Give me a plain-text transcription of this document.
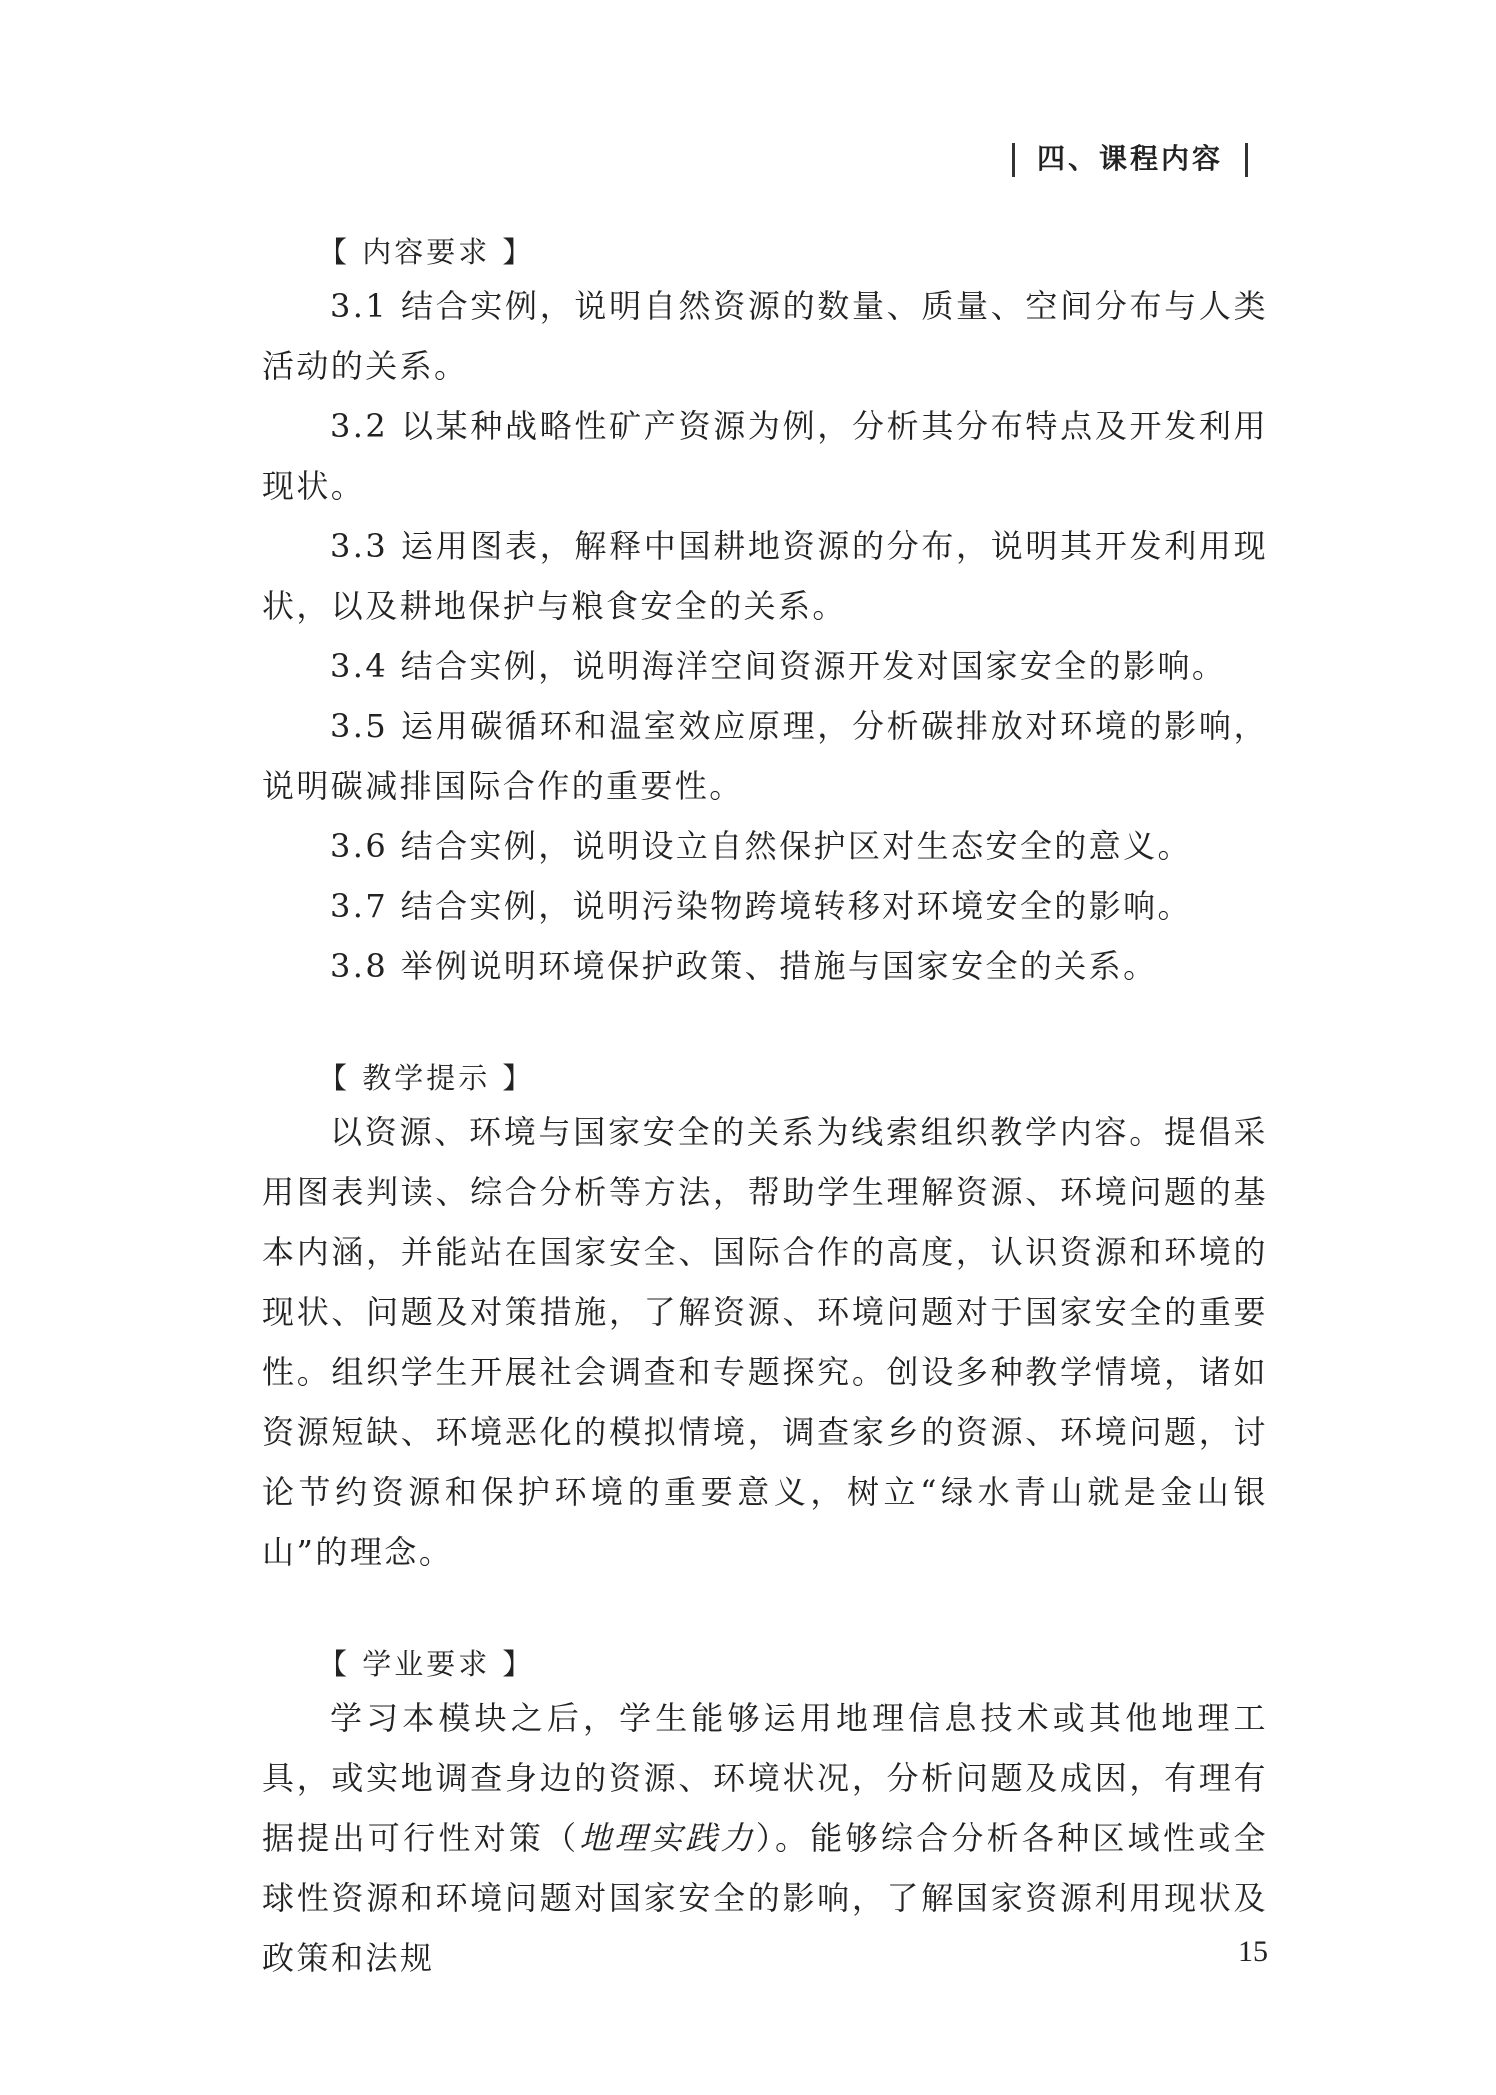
四、课程内容
【 内容要求 】

3.1 结合实例，说明自然资源的数量、质量、空间分布与人类活动的关系。

3.2 以某种战略性矿产资源为例，分析其分布特点及开发利用现状。

3.3 运用图表，解释中国耕地资源的分布，说明其开发利用现状，以及耕地保护与粮食安全的关系。

3.4 结合实例，说明海洋空间资源开发对国家安全的影响。

3.5 运用碳循环和温室效应原理，分析碳排放对环境的影响，说明碳减排国际合作的重要性。

3.6 结合实例，说明设立自然保护区对生态安全的意义。

3.7 结合实例，说明污染物跨境转移对环境安全的影响。

3.8 举例说明环境保护政策、措施与国家安全的关系。

【 教学提示 】

以资源、环境与国家安全的关系为线索组织教学内容。提倡采用图表判读、综合分析等方法，帮助学生理解资源、环境问题的基本内涵，并能站在国家安全、国际合作的高度，认识资源和环境的现状、问题及对策措施，了解资源、环境问题对于国家安全的重要性。组织学生开展社会调查和专题探究。创设多种教学情境，诸如资源短缺、环境恶化的模拟情境，调查家乡的资源、环境问题，讨论节约资源和保护环境的重要意义，树立“绿水青山就是金山银山”的理念。

【 学业要求 】

学习本模块之后，学生能够运用地理信息技术或其他地理工具，或实地调查身边的资源、环境状况，分析问题及成因，有理有据提出可行性对策（地理实践力）。能够综合分析各种区域性或全球性资源和环境问题对国家安全的影响，了解国家资源利用现状及政策和法规	15
